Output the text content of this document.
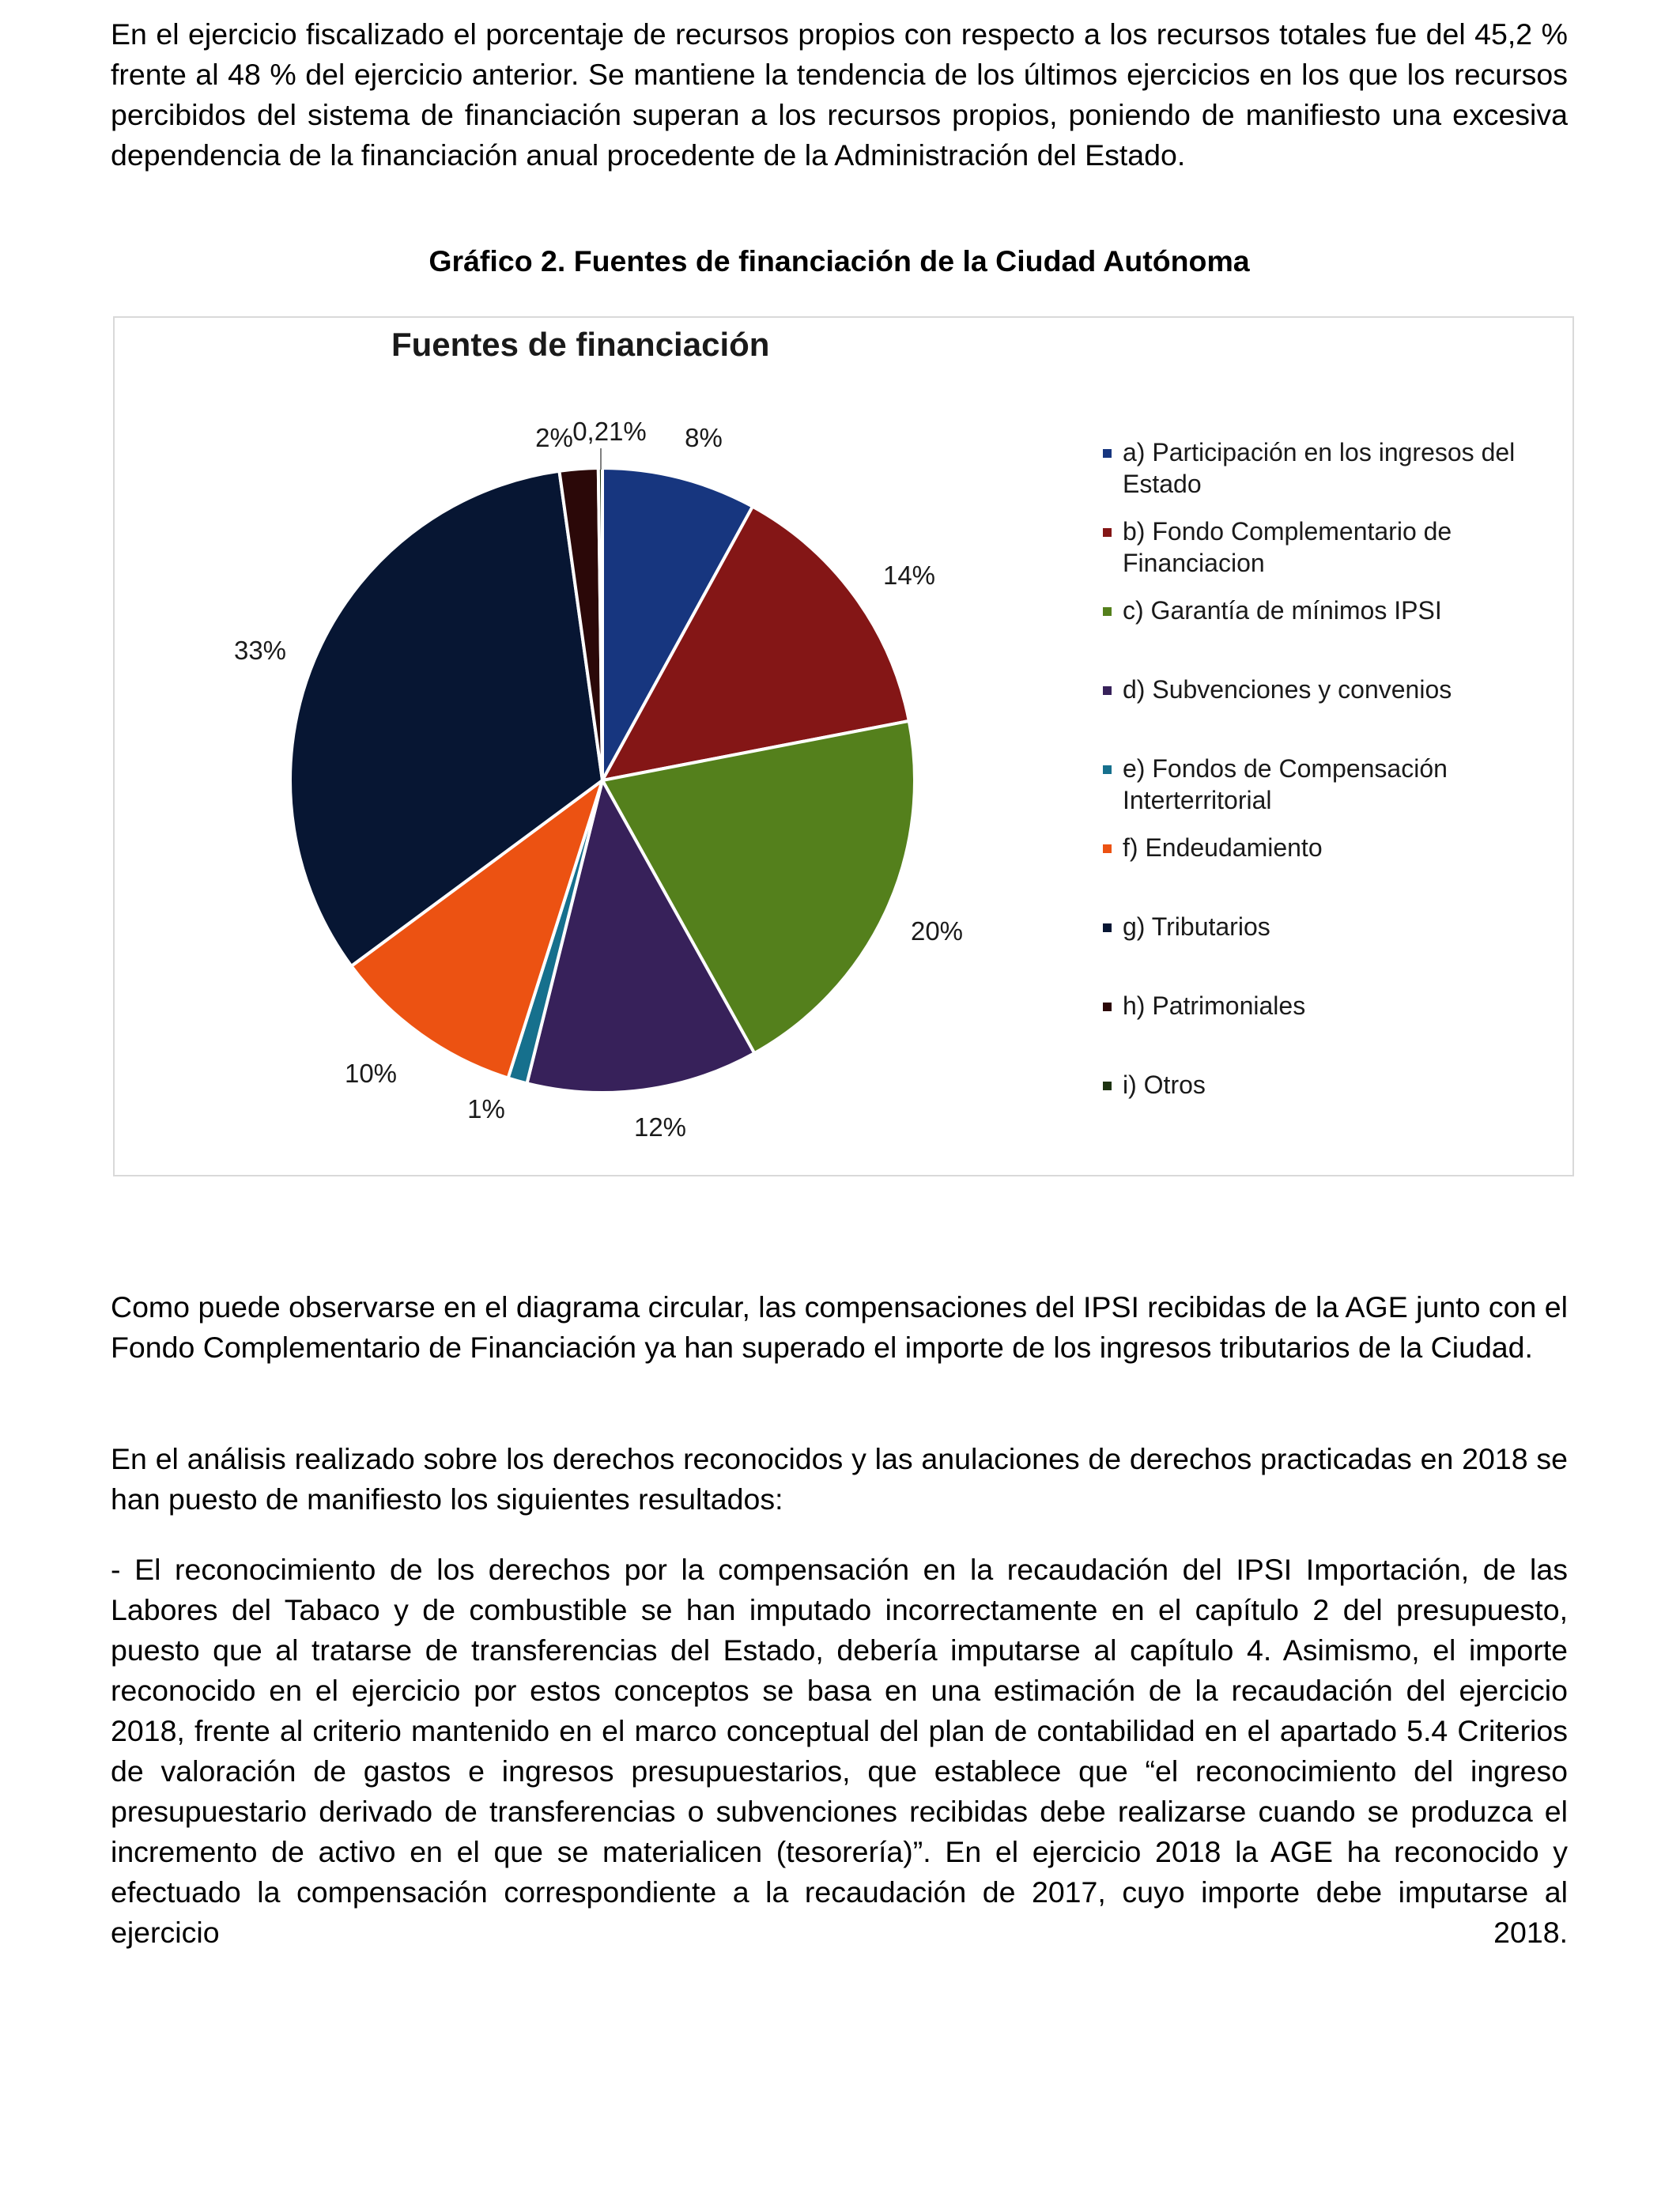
En el ejercicio fiscalizado el porcentaje de recursos propios con respecto a los recursos totales fue del 45,2 % frente al 48 % del ejercicio anterior. Se mantiene la tendencia de los últimos ejercicios en los que los recursos percibidos del sistema de financiación superan a los recursos propios, poniendo de manifiesto una excesiva dependencia de la financiación anual procedente de la Administración del Estado.

Gráfico 2. Fuentes de financiación de la Ciudad Autónoma

8%
14%
20%
12%
1%
10%
33%
2% 0,21%
Fuentes de financiación
a) Participación en los ingresos del Estado
b) Fondo Complementario de Financiacion
c) Garantía de mínimos IPSI
d) Subvenciones y convenios
e) Fondos de Compensación Interterritorial
f) Endeudamiento
g) Tributarios
h) Patrimoniales
i) Otros

Como puede observarse en el diagrama circular, las compensaciones del IPSI recibidas de la AGE junto con el Fondo Complementario de Financiación ya han superado el importe de los ingresos tributarios de la Ciudad.

En el análisis realizado sobre los derechos reconocidos y las anulaciones de derechos practicadas en 2018 se han puesto de manifiesto los siguientes resultados:

- El reconocimiento de los derechos por la compensación en la recaudación del IPSI Importación, de las Labores del Tabaco y de combustible se han imputado incorrectamente en el capítulo 2 del presupuesto, puesto que al tratarse de transferencias del Estado, debería imputarse al capítulo 4. Asimismo, el importe reconocido en el ejercicio por estos conceptos se basa en una estimación de la recaudación del ejercicio 2018, frente al criterio mantenido en el marco conceptual del plan de contabilidad en el apartado 5.4 Criterios de valoración de gastos e ingresos presupuestarios, que establece que “el reconocimiento del ingreso presupuestario derivado de transferencias o subvenciones recibidas debe realizarse cuando se produzca el incremento de activo en el que se materialicen (tesorería)”. En el ejercicio 2018 la AGE ha reconocido y efectuado la compensación correspondiente a la recaudación de 2017, cuyo importe debe imputarse al ejercicio 2018.
